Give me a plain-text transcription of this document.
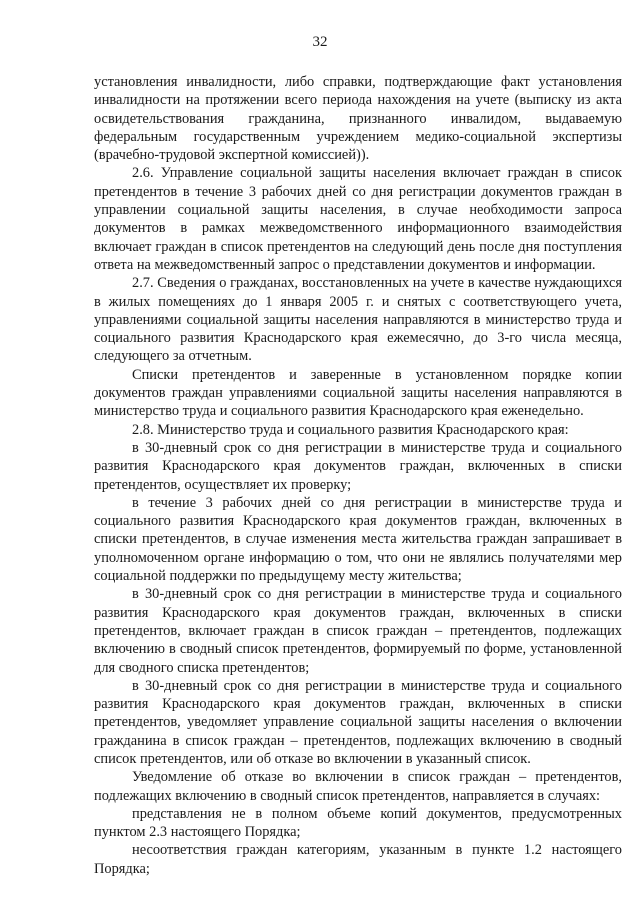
32

установления инвалидности, либо справки, подтверждающие факт установления инвалидности на протяжении всего периода нахождения на учете (выписку из акта освидетельствования гражданина, признанного инвалидом, выдаваемую федеральным государственным учреждением медико-социальной экспертизы (врачебно-трудовой экспертной комиссией)).

2.6. Управление социальной защиты населения включает граждан в список претендентов в течение 3 рабочих дней со дня регистрации документов граждан в управлении социальной защиты населения, в случае необходимости запроса документов в рамках межведомственного информационного взаимодействия включает граждан в список претендентов на следующий день после дня поступления ответа на межведомственный запрос о представлении документов и информации.

2.7. Сведения о гражданах, восстановленных на учете в качестве нуждающихся в жилых помещениях до 1 января 2005 г. и снятых с соответствующего учета, управлениями социальной защиты населения направляются в министерство труда и социального развития Краснодарского края ежемесячно, до 3-го числа месяца, следующего за отчетным.

Списки претендентов и заверенные в установленном порядке копии документов граждан управлениями социальной защиты населения направляются в министерство труда и социального развития Краснодарского края еженедельно.

2.8. Министерство труда и социального развития Краснодарского края:

в 30-дневный срок со дня регистрации в министерстве труда и социального развития Краснодарского края документов граждан, включенных в списки претендентов, осуществляет их проверку;

в течение 3 рабочих дней со дня регистрации в министерстве труда и социального развития Краснодарского края документов граждан, включенных в списки претендентов, в случае изменения места жительства граждан запрашивает в уполномоченном органе информацию о том, что они не являлись получателями мер социальной поддержки по предыдущему месту жительства;

в 30-дневный срок со дня регистрации в министерстве труда и социального развития Краснодарского края документов граждан, включенных в списки претендентов, включает граждан в список граждан – претендентов, подлежащих включению в сводный список претендентов, формируемый по форме, установленной для сводного списка претендентов;

в 30-дневный срок со дня регистрации в министерстве труда и социального развития Краснодарского края документов граждан, включенных в списки претендентов, уведомляет управление социальной защиты населения о включении гражданина в список граждан – претендентов, подлежащих включению в сводный список претендентов, или об отказе во включении в указанный список.

Уведомление об отказе во включении в список граждан – претендентов, подлежащих включению в сводный список претендентов, направляется в случаях:

представления не в полном объеме копий документов, предусмотренных пунктом 2.3 настоящего Порядка;

несоответствия граждан категориям, указанным в пункте 1.2 настоящего Порядка;
